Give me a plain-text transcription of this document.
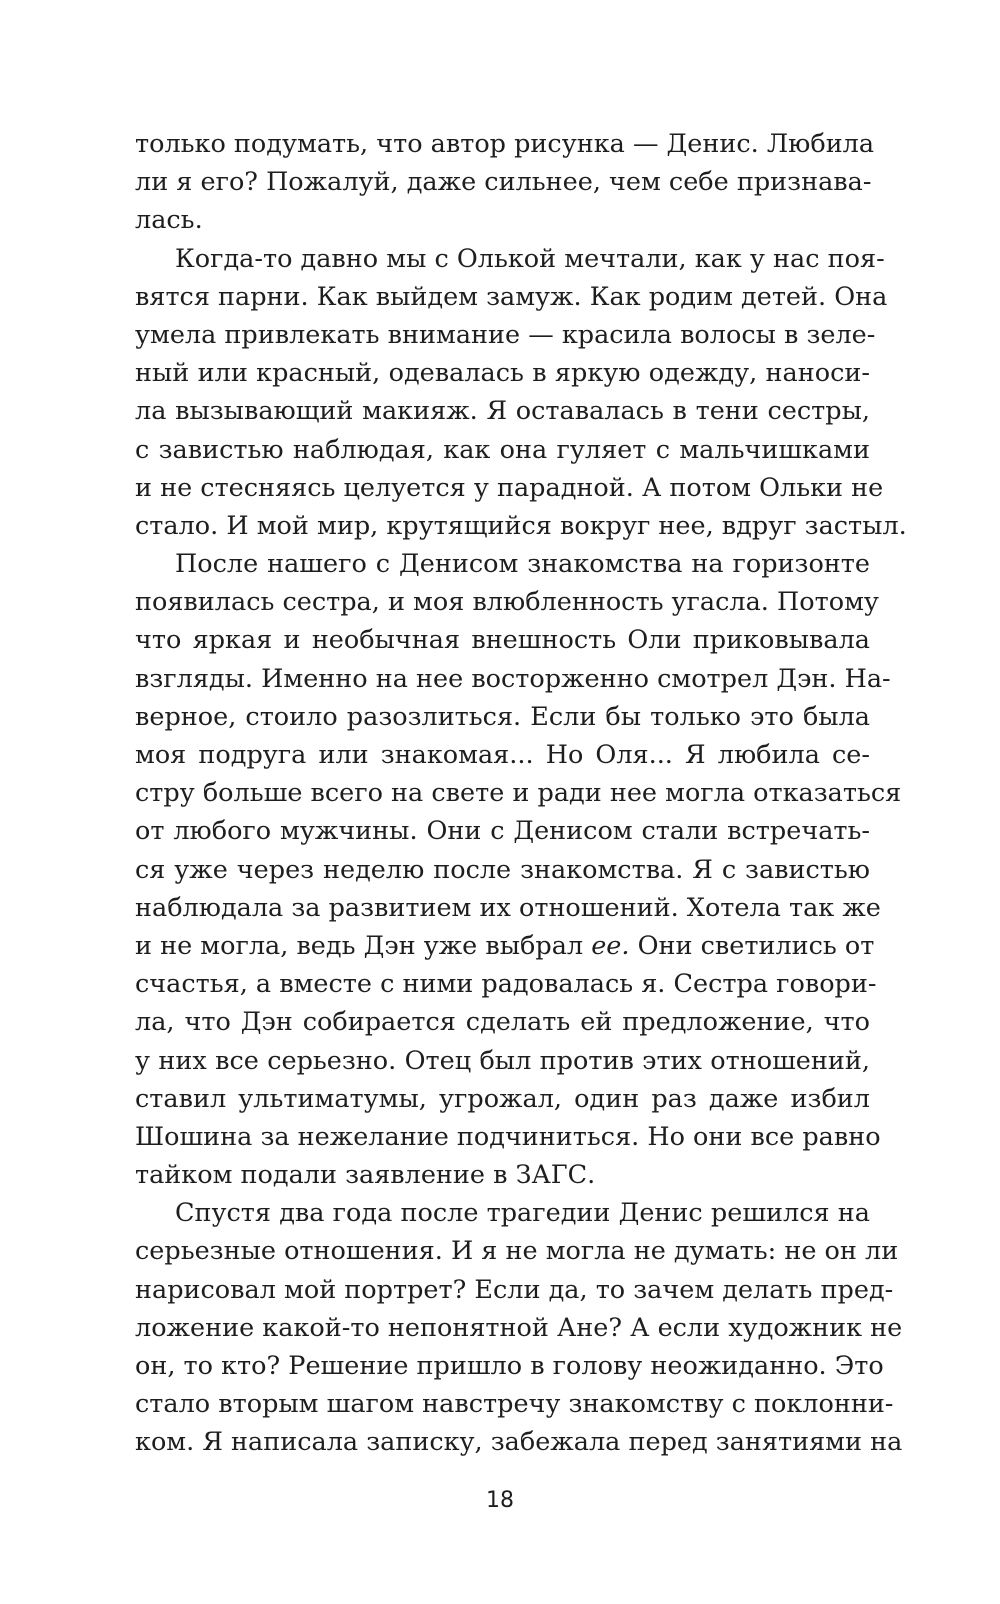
только подумать, что автор рисунка — Денис. Любила
ли я его? Пожалуй, даже сильнее, чем себе признава-
лась.
Когда-то давно мы с Олькой мечтали, как у нас поя-
вятся парни. Как выйдем замуж. Как родим детей. Она
умела привлекать внимание — красила волосы в зеле-
ный или красный, одевалась в яркую одежду, наноси-
ла вызывающий макияж. Я оставалась в тени сестры,
с завистью наблюдая, как она гуляет с мальчишками
и не стесняясь целуется у парадной. А потом Ольки не
стало. И мой мир, крутящийся вокруг нее, вдруг застыл.
После нашего с Денисом знакомства на горизонте
появилась сестра, и моя влюбленность угасла. Потому
что яркая и необычная внешность Оли приковывала
взгляды. Именно на нее восторженно смотрел Дэн. На-
верное, стоило разозлиться. Если бы только это была
моя подруга или знакомая... Но Оля... Я любила се-
стру больше всего на свете и ради нее могла отказаться
от любого мужчины. Они с Денисом стали встречать-
ся уже через неделю после знакомства. Я с завистью
наблюдала за развитием их отношений. Хотела так же
и не могла, ведь Дэн уже выбрал ее. Они светились от
счастья, а вместе с ними радовалась я. Сестра говори-
ла, что Дэн собирается сделать ей предложение, что
у них все серьезно. Отец был против этих отношений,
ставил ультиматумы, угрожал, один раз даже избил
Шошина за нежелание подчиниться. Но они все равно
тайком подали заявление в ЗАГС.
Спустя два года после трагедии Денис решился на
серьезные отношения. И я не могла не думать: не он ли
нарисовал мой портрет? Если да, то зачем делать пред-
ложение какой-то непонятной Ане? А если художник не
он, то кто? Решение пришло в голову неожиданно. Это
стало вторым шагом навстречу знакомству с поклонни-
ком. Я написала записку, забежала перед занятиями на
18
